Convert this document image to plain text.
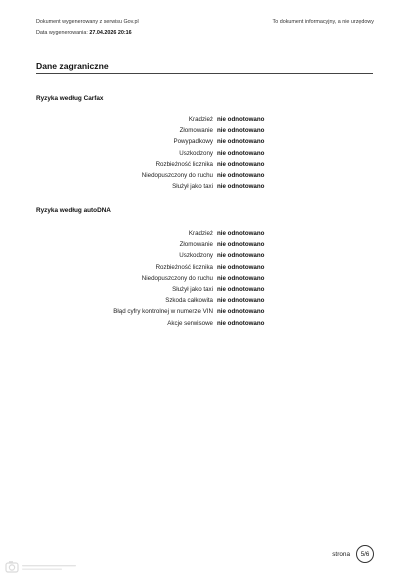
Dokument wygenerowany z serwisu Gov.pl
Data wygenerowania: 27.04.2026 20:16
To dokument informacyjny, a nie urzędowy
Dane zagraniczne
Ryzyka według Carfax
Kradzież nie odnotowano
Złomowanie nie odnotowano
Powypadkowy nie odnotowano
Uszkodzony nie odnotowano
Rozbieżność licznika nie odnotowano
Niedopuszczony do ruchu nie odnotowano
Służył jako taxi nie odnotowano
Ryzyka według autoDNA
Kradzież nie odnotowano
Złomowanie nie odnotowano
Uszkodzony nie odnotowano
Rozbieżność licznika nie odnotowano
Niedopuszczony do ruchu nie odnotowano
Służył jako taxi nie odnotowano
Szkoda całkowita nie odnotowano
Błąd cyfry kontrolnej w numerze VIN nie odnotowano
Akcje serwisowe nie odnotowano
strona	5/6
